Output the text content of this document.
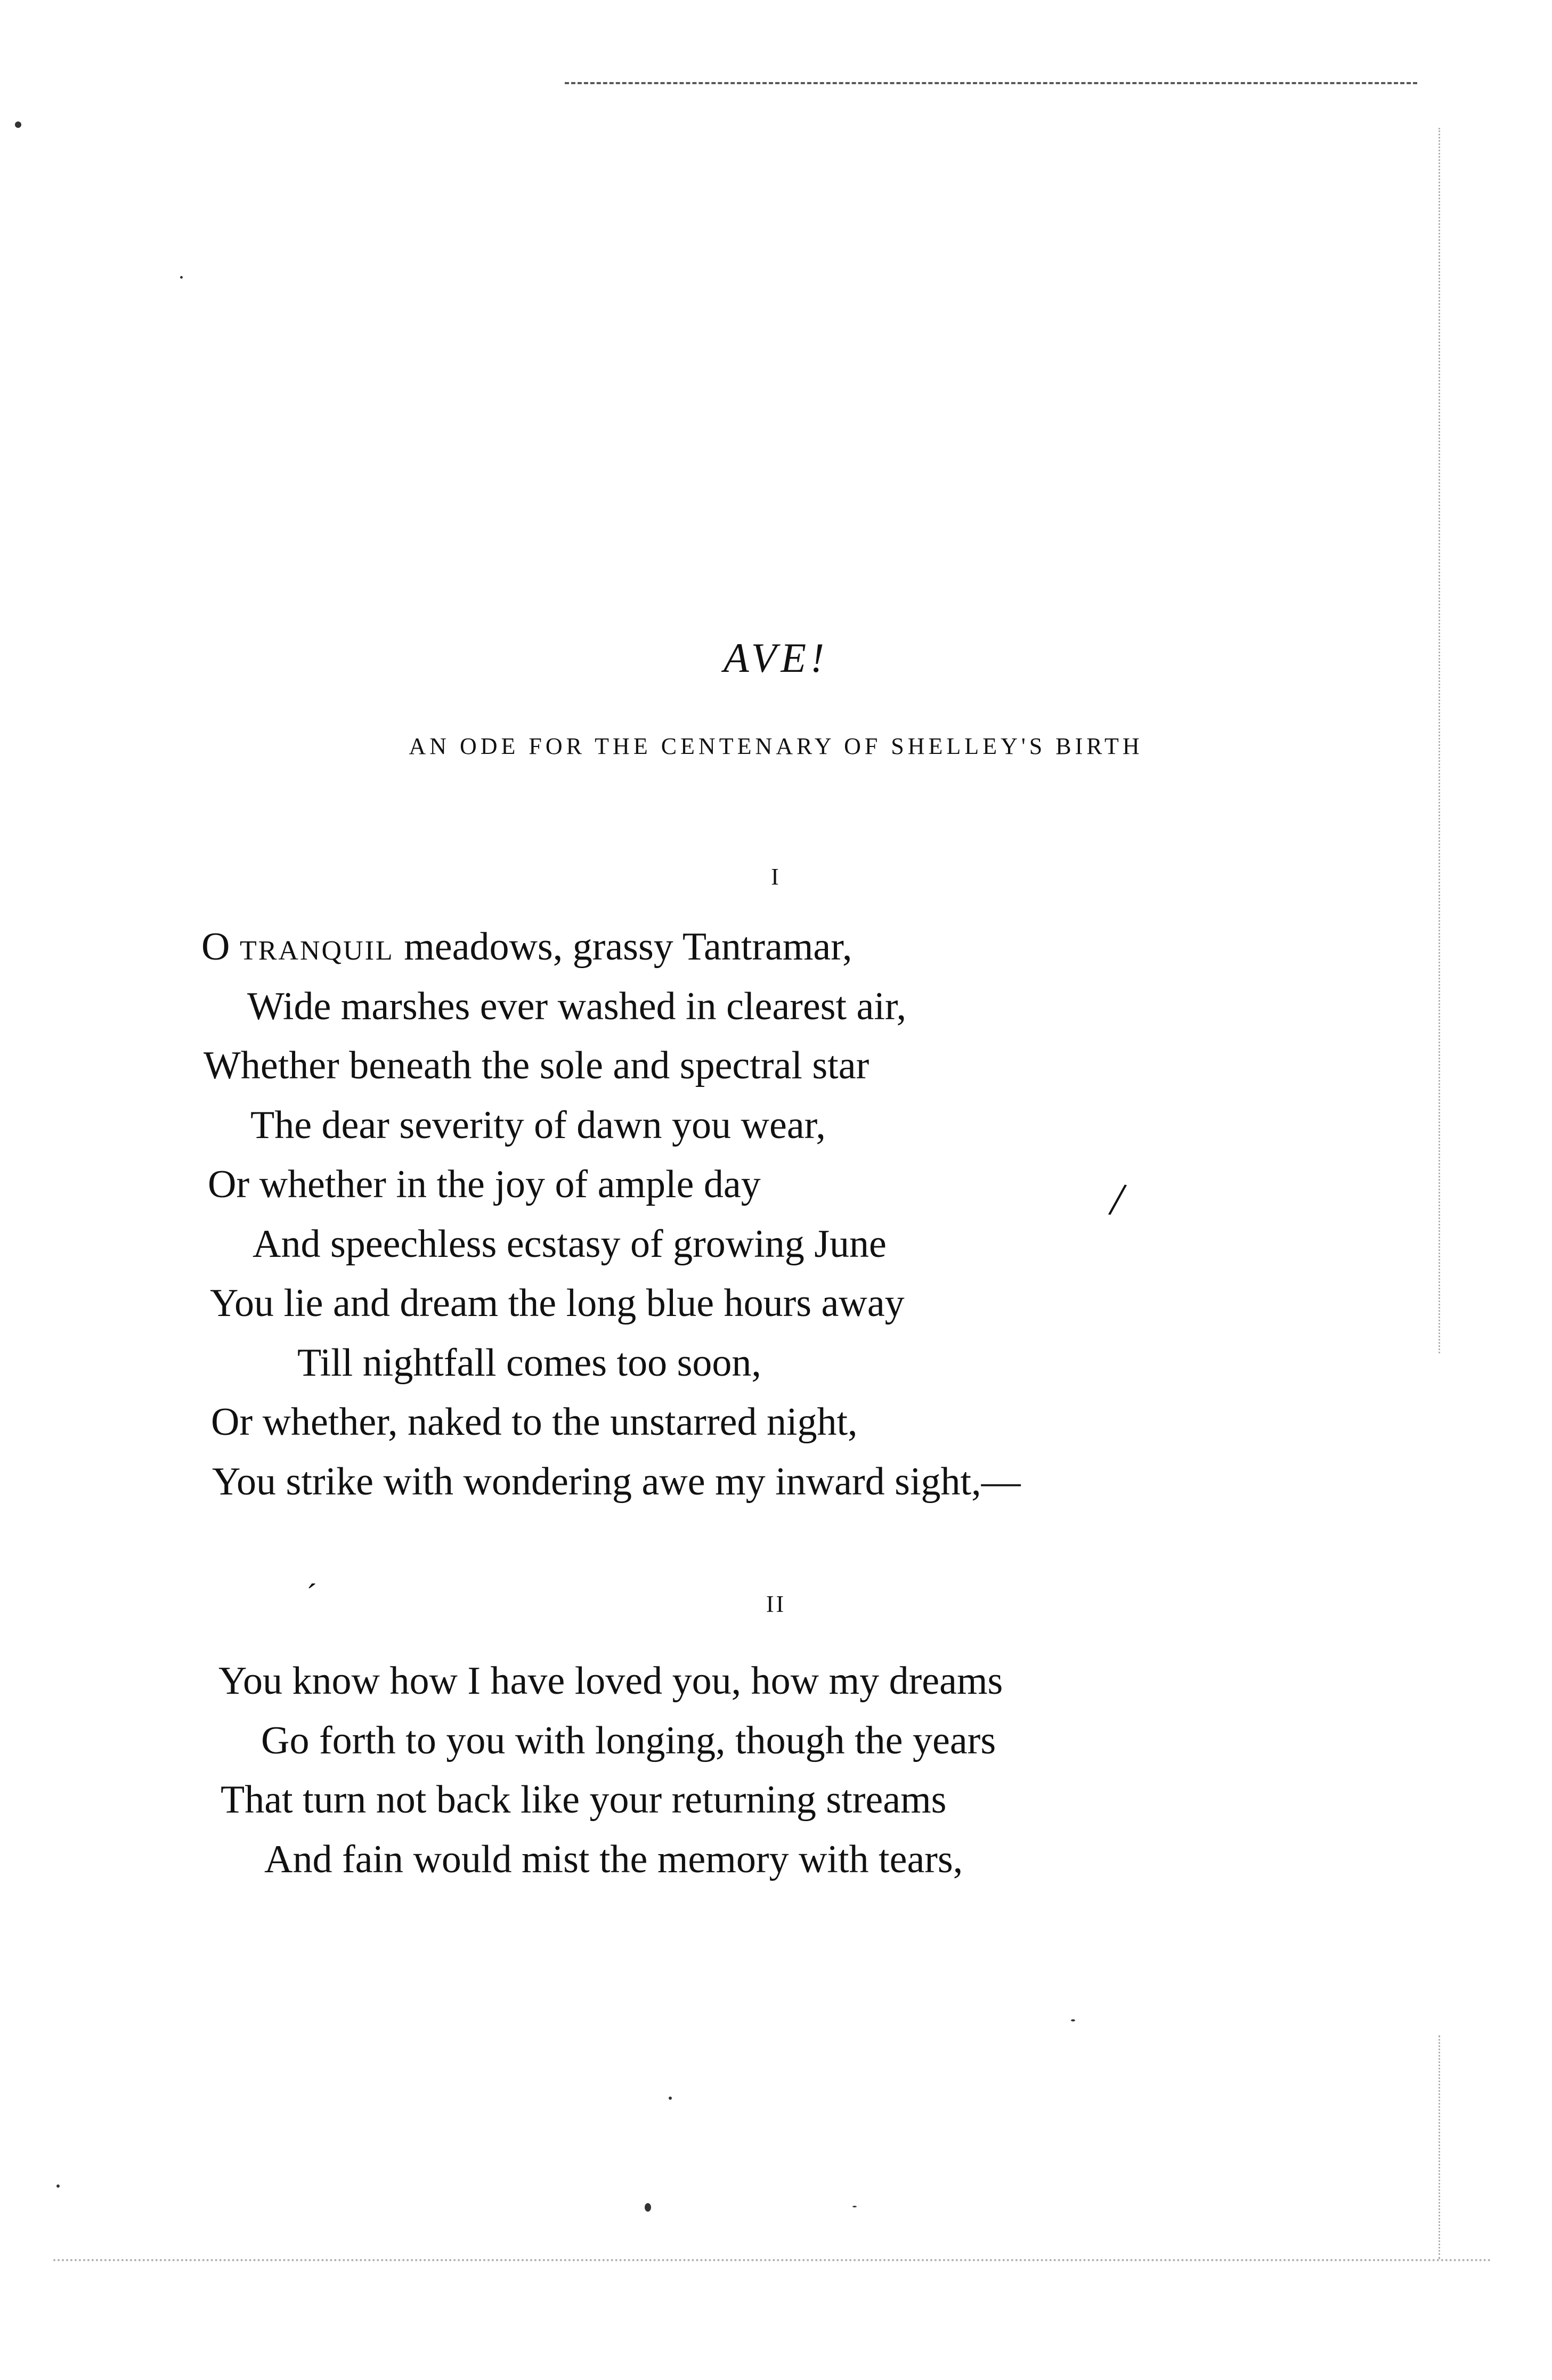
AVE!
AN ODE FOR THE CENTENARY OF SHELLEY'S BIRTH
I
O tranquil meadows, grassy Tantramar,
Wide marshes ever washed in clearest air,
Whether beneath the sole and spectral star
The dear severity of dawn you wear,
Or whether in the joy of ample day
And speechless ecstasy of growing June
You lie and dream the long blue hours away
Till nightfall comes too soon,
Or whether, naked to the unstarred night,
You strike with wondering awe my inward sight,—
/
ˊ	II
You know how I have loved you, how my dreams
Go forth to you with longing, though the years
That turn not back like your returning streams
And fain would mist the memory with tears,
